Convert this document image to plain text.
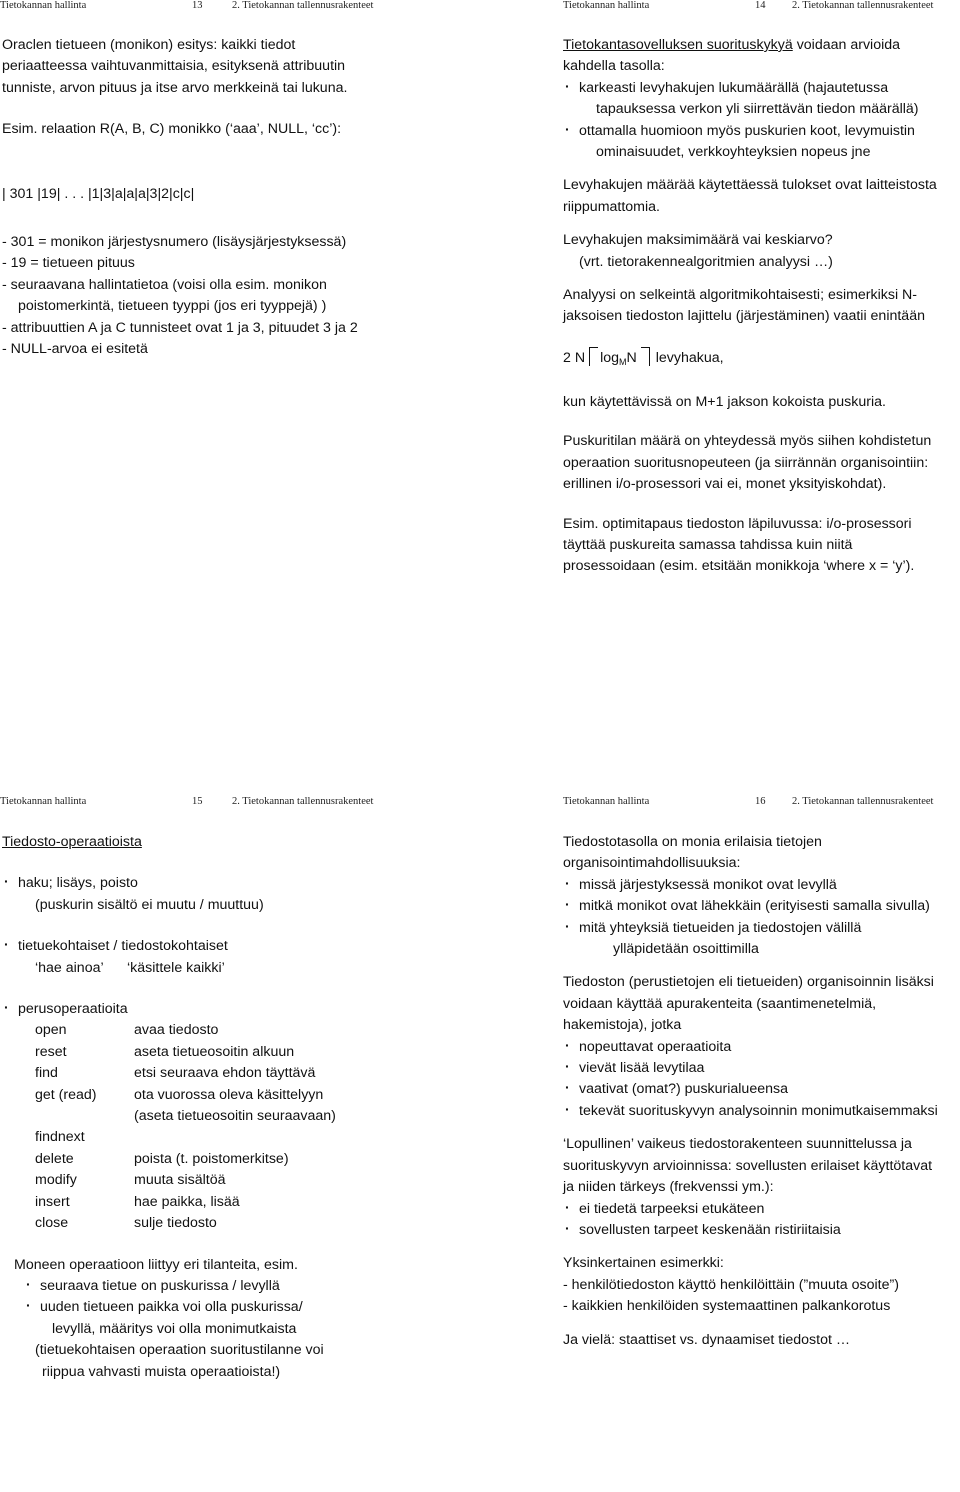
Tietokannan hallinta	13	2. Tietokannan tallennusrakenteet

Oraclen tietueen (monikon) esitys: kaikki tiedot

periaatteessa vaihtuvanmittaisia, esityksenä attribuutin

tunniste, arvon pituus ja itse arvo merkkeinä tai lukuna.

Esim. relaation R(A, B, C) monikko (‘aaa’, NULL, ‘cc’):

| 301 |19| . . . |1|3|a|a|a|3|2|c|c|

- 301 = monikon järjestysnumero (lisäysjärjestyksessä)

- 19 = tietueen pituus

- seuraavana hallintatietoa (voisi olla esim. monikon

poistomerkintä, tietueen tyyppi (jos eri tyyppejä) )

- attribuuttien A ja C tunnisteet ovat 1 ja 3, pituudet 3 ja 2

- NULL-arvoa ei esitetä

Tietokannan hallinta	14	2. Tietokannan tallennusrakenteet

Tietokantasovelluksen suorituskykyä voidaan arvioida

kahdella tasolla:

· karkeasti levyhakujen lukumäärällä (hajautetussa

tapauksessa verkon yli siirrettävän tiedon määrällä)

· ottamalla huomioon myös puskurien koot, levymuistin

ominaisuudet, verkkoyhteyksien nopeus jne

Levyhakujen määrää käytettäessä tulokset ovat laitteistosta

riippumattomia.

Levyhakujen maksimimäärä vai keskiarvo?

(vrt. tietorakennealgoritmien analyysi …)

Analyysi on selkeintä algoritmikohtaisesti; esimerkiksi N-

jaksoisen tiedoston lajittelu (järjestäminen) vaatii enintään

2 N $\log_MN$ levyhakua,

kun käytettävissä on M+1 jakson kokoista puskuria.

Puskuritilan määrä on yhteydessä myös siihen kohdistetun

operaation suoritusnopeuteen (ja siirrännän organisointiin:

erillinen i/o-prosessori vai ei, monet yksityiskohdat).

Esim. optimitapaus tiedoston läpiluvussa: i/o-prosessori

täyttää puskureita samassa tahdissa kuin niitä

prosessoidaan (esim. etsitään monikkoja ‘where x = ‘y’).

Tietokannan hallinta	15	2. Tietokannan tallennusrakenteet

Tiedosto-operaatioista

· haku; lisäys, poisto

(puskurin sisältö ei muutu / muuttuu)

· tietuekohtaiset / tiedostokohtaiset

‘hae ainoa’ ‘käsittele kaikki’

· perusoperaatioita

open	avaa tiedosto
reset	aseta tietueosoitin alkuun
find	etsi seuraava ehdon täyttävä
get (read)	ota vuorossa oleva käsittelyyn
(aseta tietueosoitin seuraavaan)
findnext
delete	poista (t. poistomerkitse)
modify	muuta sisältöä
insert	hae paikka, lisää
close	sulje tiedosto

Moneen operaatioon liittyy eri tilanteita, esim.

· seuraava tietue on puskurissa / levyllä

· uuden tietueen paikka voi olla puskurissa/

levyllä, määritys voi olla monimutkaista

(tietuekohtaisen operaation suoritustilanne voi

riippua vahvasti muista operaatioista!)

Tietokannan hallinta	16	2. Tietokannan tallennusrakenteet

Tiedostotasolla on monia erilaisia tietojen

organisointimahdollisuuksia:

· missä järjestyksessä monikot ovat levyllä

· mitkä monikot ovat lähekkäin (erityisesti samalla sivulla)

· mitä yhteyksiä tietueiden ja tiedostojen välillä

ylläpidetään osoittimilla

Tiedoston (perustietojen eli tietueiden) organisoinnin lisäksi

voidaan käyttää apurakenteita (saantimenetelmiä,

hakemistoja), jotka

· nopeuttavat operaatioita

· vievät lisää levytilaa

· vaativat (omat?) puskurialueensa

· tekevät suorituskyvyn analysoinnin monimutkaisemmaksi

‘Lopullinen’ vaikeus tiedostorakenteen suunnittelussa ja

suorituskyvyn arvioinnissa: sovellusten erilaiset käyttötavat

ja niiden tärkeys (frekvenssi ym.):

· ei tiedetä tarpeeksi etukäteen

· sovellusten tarpeet keskenään ristiriitaisia

Yksinkertainen esimerkki:

- henkilötiedoston käyttö henkilöittäin (”muuta osoite”)

- kaikkien henkilöiden systemaattinen palkankorotus

Ja vielä: staattiset vs. dynaamiset tiedostot …
